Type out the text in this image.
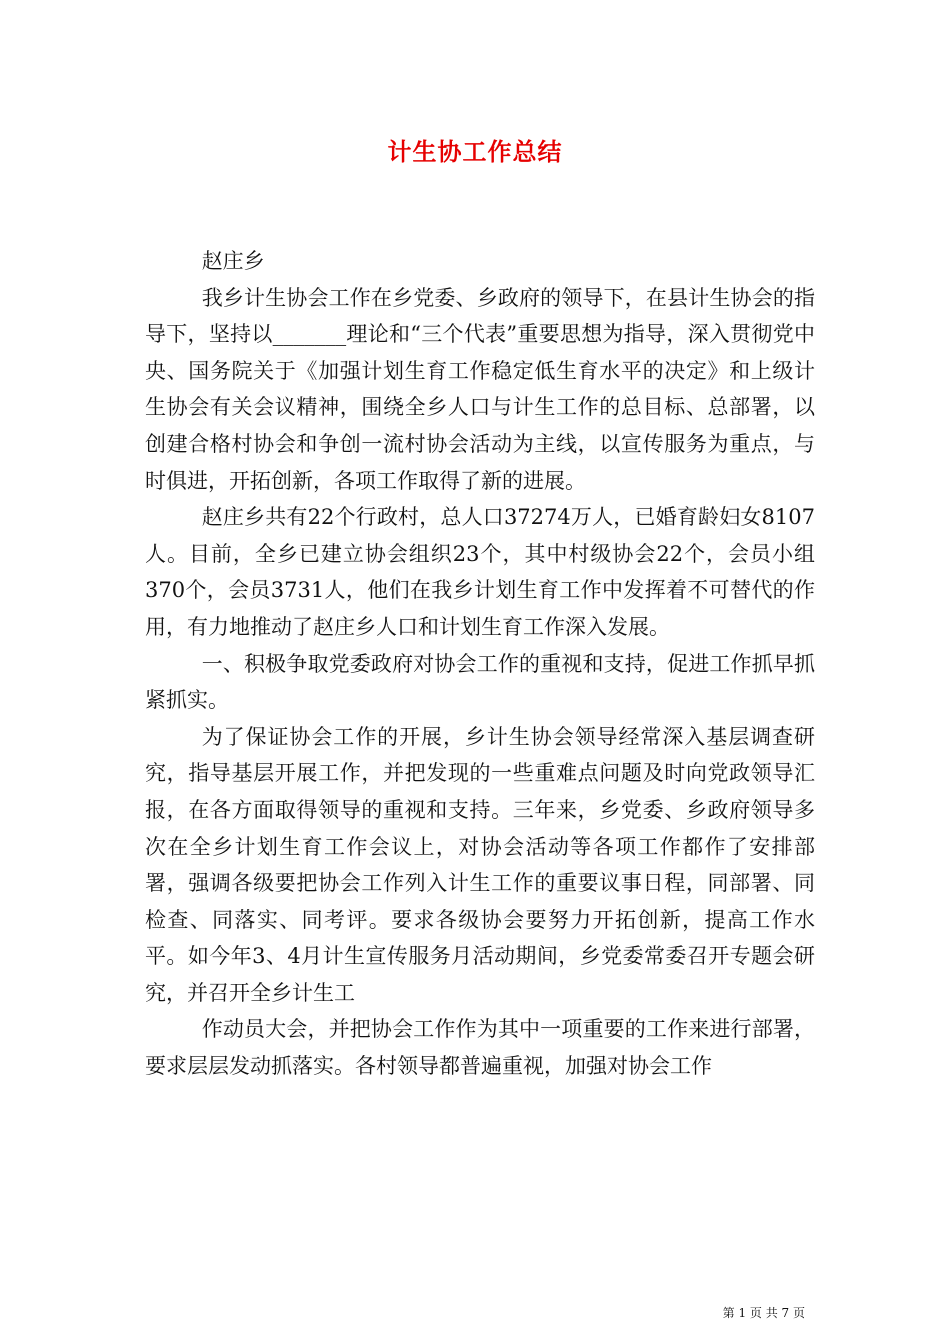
计生协工作总结

赵庄乡

我乡计生协会工作在乡党委、乡政府的领导下，在县计生协会的指导下，坚持以_______理论和“三个代表”重要思想为指导，深入贯彻党中央、国务院关于《加强计划生育工作稳定低生育水平的决定》和上级计生协会有关会议精神，围绕全乡人口与计生工作的总目标、总部署，以创建合格村协会和争创一流村协会活动为主线，以宣传服务为重点，与时俱进，开拓创新，各项工作取得了新的进展。

赵庄乡共有22个行政村，总人口37274万人，已婚育龄妇女8107人。目前，全乡已建立协会组织23个，其中村级协会22个，会员小组370个，会员3731人，他们在我乡计划生育工作中发挥着不可替代的作用，有力地推动了赵庄乡人口和计划生育工作深入发展。

一、积极争取党委政府对协会工作的重视和支持，促进工作抓早抓紧抓实。

为了保证协会工作的开展，乡计生协会领导经常深入基层调查研究，指导基层开展工作，并把发现的一些重难点问题及时向党政领导汇报，在各方面取得领导的重视和支持。三年来，乡党委、乡政府领导多次在全乡计划生育工作会议上，对协会活动等各项工作都作了安排部署，强调各级要把协会工作列入计生工作的重要议事日程，同部署、同检查、同落实、同考评。要求各级协会要努力开拓创新，提高工作水平。如今年3、4月计生宣传服务月活动期间，乡党委常委召开专题会研究，并召开全乡计生工

作动员大会，并把协会工作作为其中一项重要的工作来进行部署，要求层层发动抓落实。各村领导都普遍重视，加强对协会工作

第 1 页 共 7 页
